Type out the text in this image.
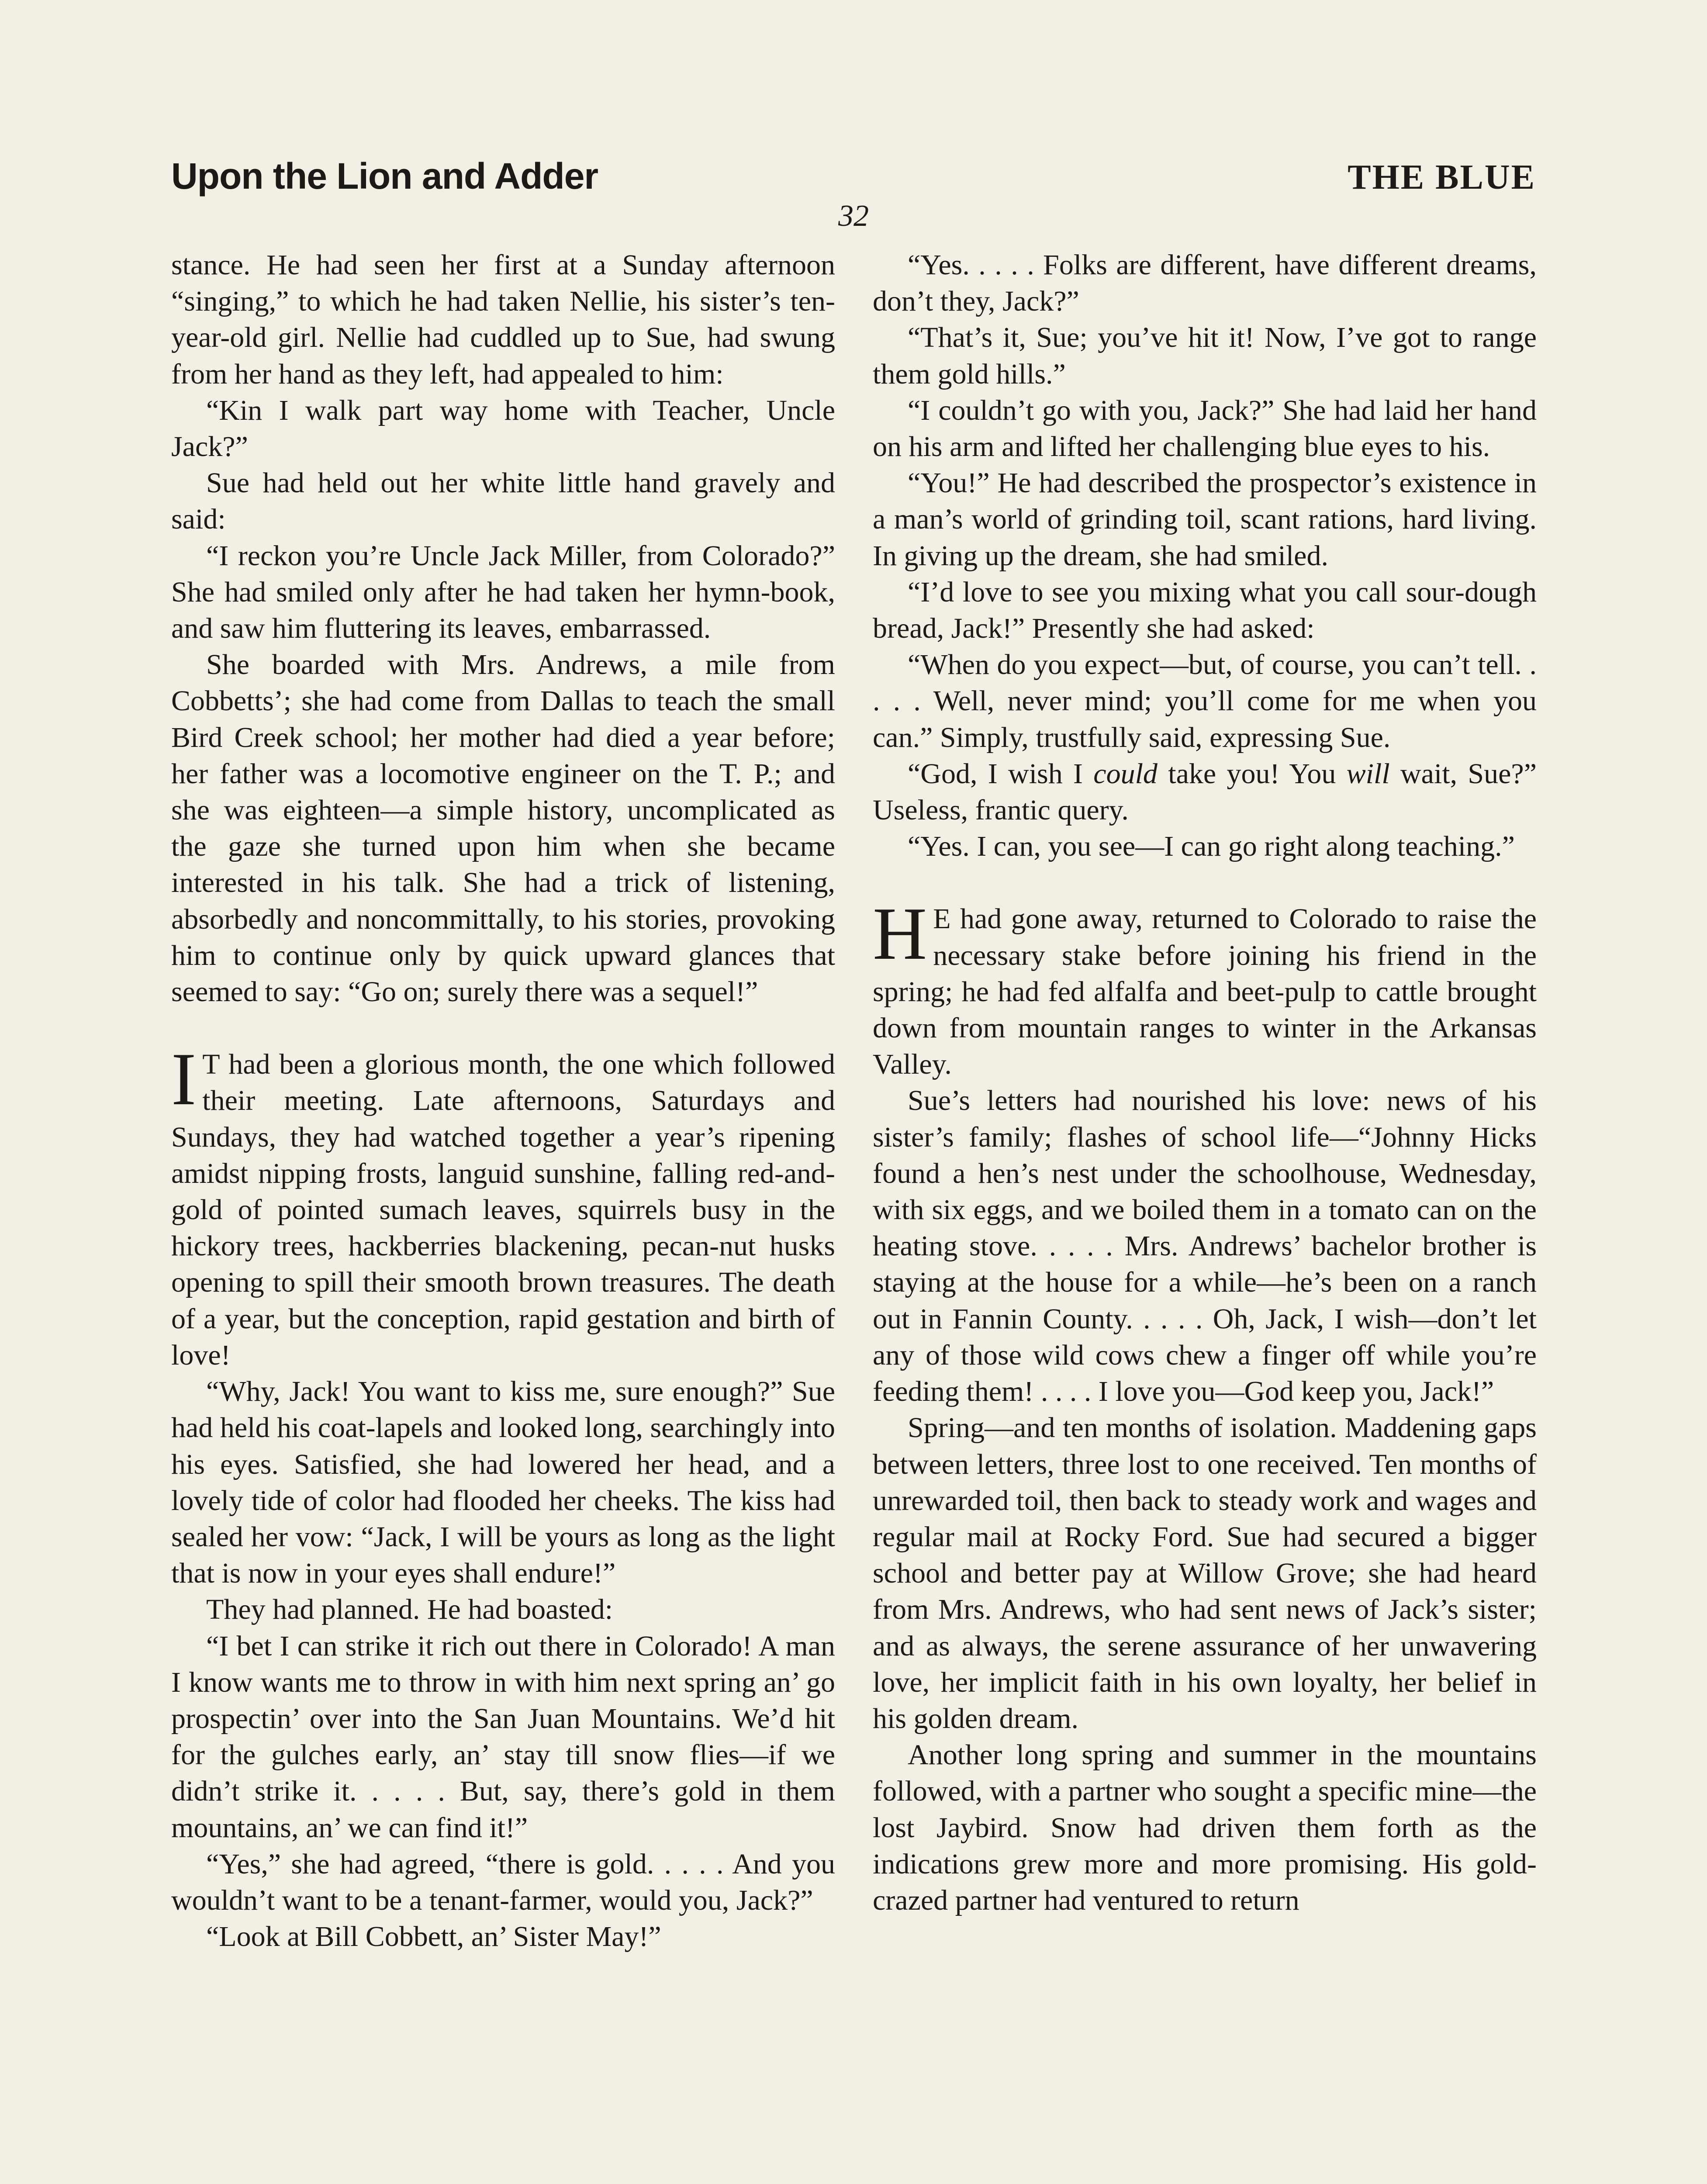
Upon the Lion and Adder	THE BLUE
32

stance. He had seen her first at a Sunday afternoon “singing,” to which he had taken Nellie, his sister’s ten-year-old girl. Nellie had cuddled up to Sue, had swung from her hand as they left, had appealed to him:

“Kin I walk part way home with Teacher, Uncle Jack?”

Sue had held out her white little hand gravely and said:

“I reckon you’re Uncle Jack Miller, from Colorado?” She had smiled only after he had taken her hymn-book, and saw him fluttering its leaves, embarrassed.

She boarded with Mrs. Andrews, a mile from Cobbetts’; she had come from Dallas to teach the small Bird Creek school; her mother had died a year before; her father was a locomotive engineer on the T. P.; and she was eighteen—a simple history, uncomplicated as the gaze she turned upon him when she became interested in his talk. She had a trick of listening, absorbedly and noncommittally, to his stories, provoking him to continue only by quick upward glances that seemed to say: “Go on; surely there was a sequel!”

I T had been a glorious month, the one which followed their meeting. Late afternoons, Saturdays and Sundays, they had watched together a year’s ripening amidst nipping frosts, languid sunshine, falling red-and-gold of pointed sumach leaves, squirrels busy in the hickory trees, hackberries blackening, pecan-nut husks opening to spill their smooth brown treasures. The death of a year, but the conception, rapid gestation and birth of love!

“Why, Jack! You want to kiss me, sure enough?” Sue had held his coat-lapels and looked long, searchingly into his eyes. Satisfied, she had lowered her head, and a lovely tide of color had flooded her cheeks. The kiss had sealed her vow: “Jack, I will be yours as long as the light that is now in your eyes shall endure!”

They had planned. He had boasted:

“I bet I can strike it rich out there in Colorado! A man I know wants me to throw in with him next spring an’ go prospectin’ over into the San Juan Mountains. We’d hit for the gulches early, an’ stay till snow flies—if we didn’t strike it. . . . . But, say, there’s gold in them mountains, an’ we can find it!”

“Yes,” she had agreed, “there is gold. . . . . And you wouldn’t want to be a tenant-farmer, would you, Jack?”

“Look at Bill Cobbett, an’ Sister May!”

“Yes. . . . . Folks are different, have different dreams, don’t they, Jack?”

“That’s it, Sue; you’ve hit it! Now, I’ve got to range them gold hills.”

“I couldn’t go with you, Jack?” She had laid her hand on his arm and lifted her challenging blue eyes to his.

“You!” He had described the prospector’s existence in a man’s world of grinding toil, scant rations, hard living. In giving up the dream, she had smiled.

“I’d love to see you mixing what you call sour-dough bread, Jack!” Presently she had asked:

“When do you expect—but, of course, you can’t tell. . . . . Well, never mind; you’ll come for me when you can.” Simply, trustfully said, expressing Sue.

“God, I wish I could take you! You will wait, Sue?” Useless, frantic query.

“Yes. I can, you see—I can go right along teaching.”

H E had gone away, returned to Colorado to raise the necessary stake before joining his friend in the spring; he had fed alfalfa and beet-pulp to cattle brought down from mountain ranges to winter in the Arkansas Valley.

Sue’s letters had nourished his love: news of his sister’s family; flashes of school life—“Johnny Hicks found a hen’s nest under the schoolhouse, Wednesday, with six eggs, and we boiled them in a tomato can on the heating stove. . . . . Mrs. Andrews’ bachelor brother is staying at the house for a while—he’s been on a ranch out in Fannin County. . . . . Oh, Jack, I wish—don’t let any of those wild cows chew a finger off while you’re feeding them! . . . . I love you—God keep you, Jack!”

Spring—and ten months of isolation. Maddening gaps between letters, three lost to one received. Ten months of unrewarded toil, then back to steady work and wages and regular mail at Rocky Ford. Sue had secured a bigger school and better pay at Willow Grove; she had heard from Mrs. Andrews, who had sent news of Jack’s sister; and as always, the serene assurance of her unwavering love, her implicit faith in his own loyalty, her belief in his golden dream.

Another long spring and summer in the mountains followed, with a partner who sought a specific mine—the lost Jaybird. Snow had driven them forth as the indications grew more and more promising. His gold-crazed partner had ventured to return
